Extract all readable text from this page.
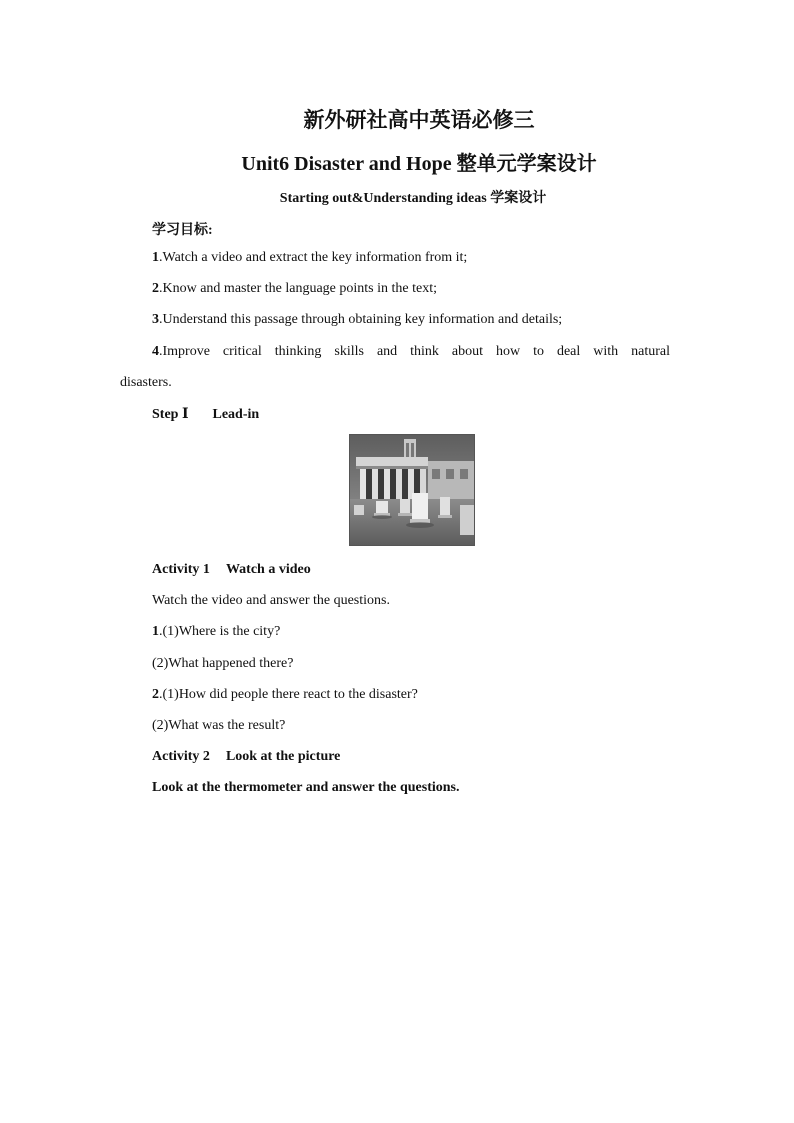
新外研社高中英语必修三
Unit6 Disaster and Hope 整单元学案设计
Starting out&Understanding ideas 学案设计
学习目标:
1.Watch a video and extract the key information from it;
2.Know and master the language points in the text;
3.Understand this passage through obtaining key information and details;
4.Improve critical thinking skills and think about how to deal with natural
disasters.
Step Ⅰ Lead-in
Activity 1 Watch a video
Watch the video and answer the questions.
1.(1)Where is the city?
(2)What happened there?
2.(1)How did people there react to the disaster?
(2)What was the result?
Activity 2 Look at the picture
Look at the thermometer and answer the questions.
